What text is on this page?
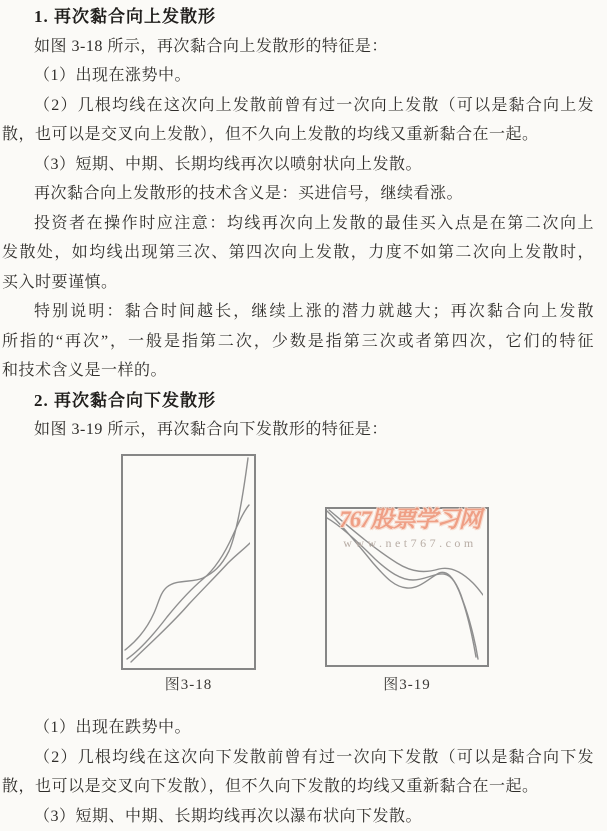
1. 再次黏合向上发散形
如图 3-18 所示，再次黏合向上发散形的特征是：
（1）出现在涨势中。
（2）几根均线在这次向上发散前曾有过一次向上发散（可以是黏合向上发
散，也可以是交叉向上发散），但不久向上发散的均线又重新黏合在一起。
（3）短期、中期、长期均线再次以喷射状向上发散。
再次黏合向上发散形的技术含义是：买进信号，继续看涨。
投资者在操作时应注意：均线再次向上发散的最佳买入点是在第二次向上
发散处，如均线出现第三次、第四次向上发散，力度不如第二次向上发散时，
买入时要谨慎。
特别说明：黏合时间越长，继续上涨的潜力就越大；再次黏合向上发散
所指的“再次”，一般是指第二次，少数是指第三次或者第四次，它们的特征
和技术含义是一样的。
2. 再次黏合向下发散形
如图 3-19 所示，再次黏合向下发散形的特征是：
767股票学习网
www.net767.com
图3-18	图3-19
（1）出现在跌势中。
（2）几根均线在这次向下发散前曾有过一次向下发散（可以是黏合向下发
散，也可以是交叉向下发散），但不久向下发散的均线又重新黏合在一起。
（3）短期、中期、长期均线再次以瀑布状向下发散。
